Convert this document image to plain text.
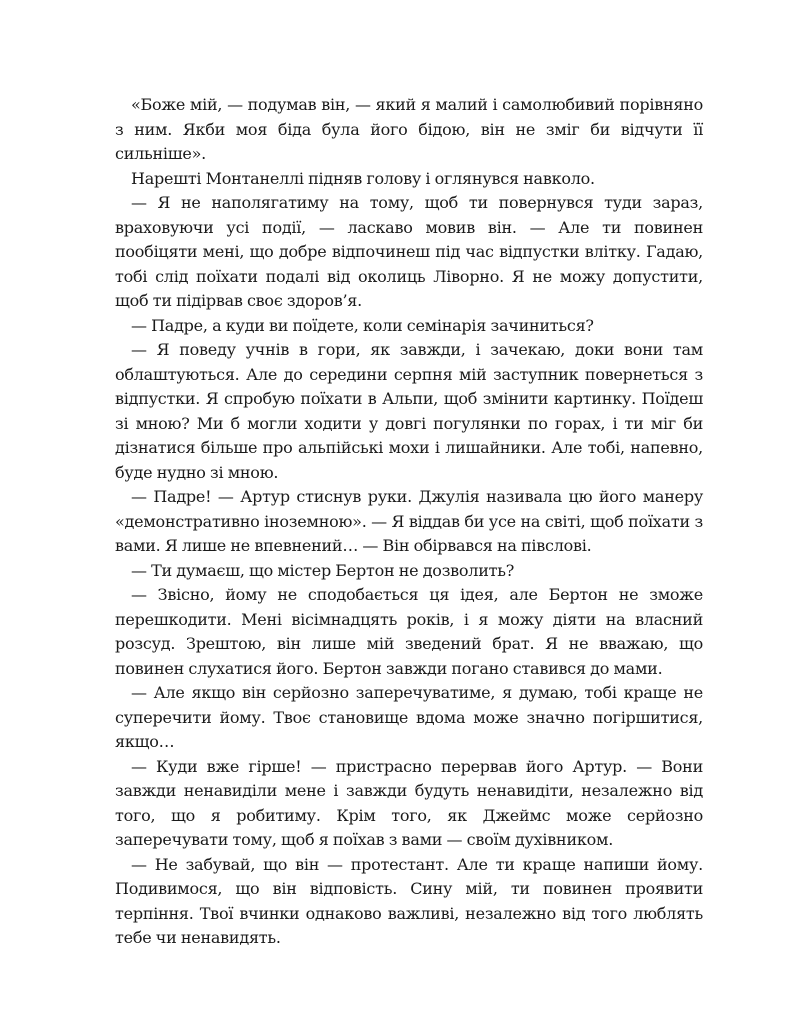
«Боже мій, — подумав він, — який я малий і самолюбивий порівняно з ним. Якби моя біда була його бідою, він не зміг би відчути її сильніше».

Нарешті Монтанеллі підняв голову і оглянувся навколо.

— Я не наполягатиму на тому, щоб ти повернувся туди зараз, враховуючи усі події, — ласкаво мовив він. — Але ти повинен пообіцяти мені, що добре відпочинеш під час відпустки влітку. Гадаю, тобі слід поїхати подалі від околиць Ліворно. Я не можу допустити, щоб ти підірвав своє здоров’я.

— Падре, а куди ви поїдете, коли семінарія зачиниться?

— Я поведу учнів в гори, як завжди, і зачекаю, доки вони там облаштуються. Але до середини серпня мій заступник повернеться з відпустки. Я спробую поїхати в Альпи, щоб змінити картинку. Поїдеш зі мною? Ми б могли ходити у довгі погулянки по горах, і ти міг би дізнатися більше про альпійські мохи і лишайники. Але тобі, напевно, буде нудно зі мною.

— Падре! — Артур стиснув руки. Джулія називала цю його манеру «демонстративно іноземною». — Я віддав би усе на світі, щоб поїхати з вами. Я лише не впевнений… — Він обірвався на півслові.

— Ти думаєш, що містер Бертон не дозволить?

— Звісно, йому не сподобається ця ідея, але Бертон не зможе перешкодити. Мені вісімнадцять років, і я можу діяти на власний розсуд. Зрештою, він лише мій зведений брат. Я не вважаю, що повинен слухатися його. Бертон завжди погано ставився до мами.

— Але якщо він серйозно заперечуватиме, я думаю, тобі краще не суперечити йому. Твоє становище вдома може значно погіршитися, якщо…

— Куди вже гірше! — пристрасно перервав його Артур. — Вони завжди ненавиділи мене і завжди будуть ненавидіти, незалежно від того, що я робитиму. Крім того, як Джеймс може серйозно заперечувати тому, щоб я поїхав з вами — своїм духівником.

— Не забувай, що він — протестант. Але ти краще напиши йому. Подивимося, що він відповість. Сину мій, ти повинен проявити терпіння. Твої вчинки однаково важливі, незалежно від того люблять тебе чи ненавидять.
